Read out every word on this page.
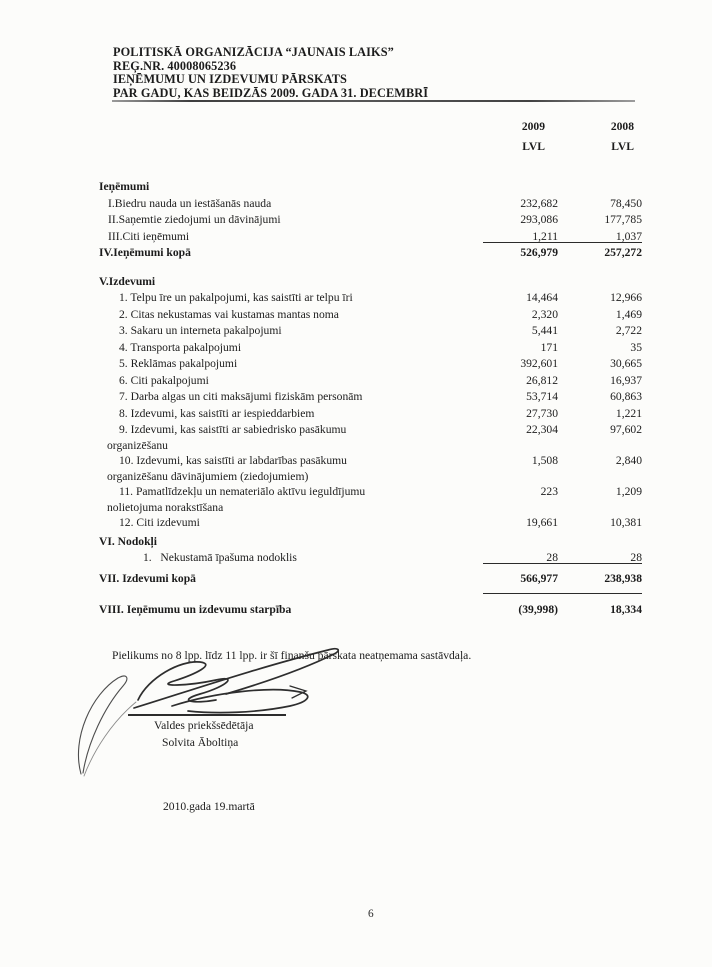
POLITISKĀ ORGANIZĀCIJA “JAUNAIS LAIKS”
REĢ.NR. 40008065236
IEŅĒMUMU UN IZDEVUMU PĀRSKATS
PAR GADU, KAS BEIDZĀS 2009. GADA 31. DECEMBRĪ
2009	2008
LVL	LVL
Ieņēmumi
I.Biedru nauda un iestāšanās nauda	232,682	78,450
II.Saņemtie ziedojumi un dāvinājumi	293,086	177,785
III.Citi ieņēmumi	1,211	1,037
IV.Ieņēmumi kopā	526,979	257,272
V.Izdevumi
1. Telpu īre un pakalpojumi, kas saistīti ar telpu īri	14,464	12,966
2. Citas nekustamas vai kustamas mantas noma	2,320	1,469
3. Sakaru un interneta pakalpojumi	5,441	2,722
4. Transporta pakalpojumi	171	35
5. Reklāmas pakalpojumi	392,601	30,665
6. Citi pakalpojumi	26,812	16,937
7. Darba algas un citi maksājumi fiziskām personām	53,714	60,863
8. Izdevumi, kas saistīti ar iespieddarbiem	27,730	1,221
9. Izdevumi, kas saistīti ar sabiedrisko pasākumu
organizēšanu
22,304	97,602
10. Izdevumi, kas saistīti ar labdarības pasākumu
organizēšanu dāvinājumiem (ziedojumiem)
1,508	2,840
11. Pamatlīdzekļu un nemateriālo aktīvu ieguldījumu
nolietojuma norakstīšana
223	1,209
12. Citi izdevumi	19,661	10,381
VI. Nodokļi
1.   Nekustamā īpašuma nodoklis	28	28
VII. Izdevumi kopā	566,977	238,938
VIII. Ieņēmumu un izdevumu starpība	(39,998)	18,334
Pielikums no 8 lpp. līdz 11 lpp. ir šī finanšu pārskata neatņemama sastāvdaļa.
Valdes priekšsēdētāja
Solvita Āboltiņa
2010.gada 19.martā
6
